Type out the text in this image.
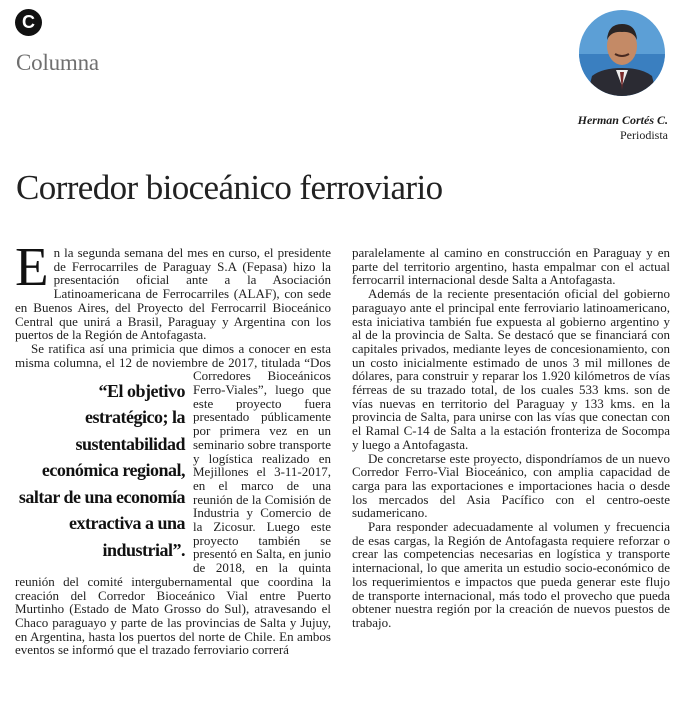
C
Columna
Herman Cortés C.
Periodista
Corredor bioceánico ferroviario

En la segunda semana del mes en curso, el presidente de Ferrocarriles de Paraguay S.A (Fepasa) hizo la presentación oficial ante a la Asociación Latinoamericana de Ferrocarriles (ALAF), con sede en Buenos Aires, del Proyecto del Ferrocarril Bioceánico Central que unirá a Brasil, Paraguay y Argentina con los puertos de la Región de Antofagasta.

“El objetivo estratégico; la sustentabilidad económica regional, saltar de una economía extractiva a una industrial”.
Se ratifica así una primicia que dimos a conocer en esta misma columna, el 12 de noviembre de 2017, titulada “Dos Corredores Bioceánicos Ferro-Viales”, luego que este proyecto fuera presentado públicamente por primera vez en un seminario sobre transporte y logística realizado en Mejillones el 3-11-2017, en el marco de una reunión de la Comisión de Industria y Comercio de la Zicosur. Luego este proyecto también se presentó en Salta, en junio de 2018, en la quinta reunión del comité intergubernamental que coordina la creación del Corredor Bioceánico Vial entre Puerto Murtinho (Estado de Mato Grosso do Sul), atravesando el Chaco paraguayo y parte de las provincias de Salta y Jujuy, en Argentina, hasta los puertos del norte de Chile. En ambos eventos se informó que el trazado ferroviario correrá

paralelamente al camino en construcción en Paraguay y en parte del territorio argentino, hasta empalmar con el actual ferrocarril internacional desde Salta a Antofagasta.

Además de la reciente presentación oficial del gobierno paraguayo ante el principal ente ferroviario latinoamericano, esta iniciativa también fue expuesta al gobierno argentino y al de la provincia de Salta. Se destacó que se financiará con capitales privados, mediante leyes de concesionamiento, con un costo inicialmente estimado de unos 3 mil millones de dólares, para construir y reparar los 1.920 kilómetros de vías férreas de su trazado total, de los cuales 533 kms. son de vías nuevas en territorio del Paraguay y 133 kms. en la provincia de Salta, para unirse con las vías que conectan con el Ramal C-14 de Salta a la estación fronteriza de Socompa y luego a Antofagasta.

De concretarse este proyecto, dispondríamos de un nuevo Corredor Ferro-Vial Bioceánico, con amplia capacidad de carga para las exportaciones e importaciones hacia o desde los mercados del Asia Pacífico con el centro-oeste sudamericano.

Para responder adecuadamente al volumen y frecuencia de esas cargas, la Región de Antofagasta requiere reforzar o crear las competencias necesarias en logística y transporte internacional, lo que amerita un estudio socio-económico de los requerimientos e impactos que pueda generar este flujo de transporte internacional, más todo el provecho que pueda obtener nuestra región por la creación de nuevos puestos de trabajo.
